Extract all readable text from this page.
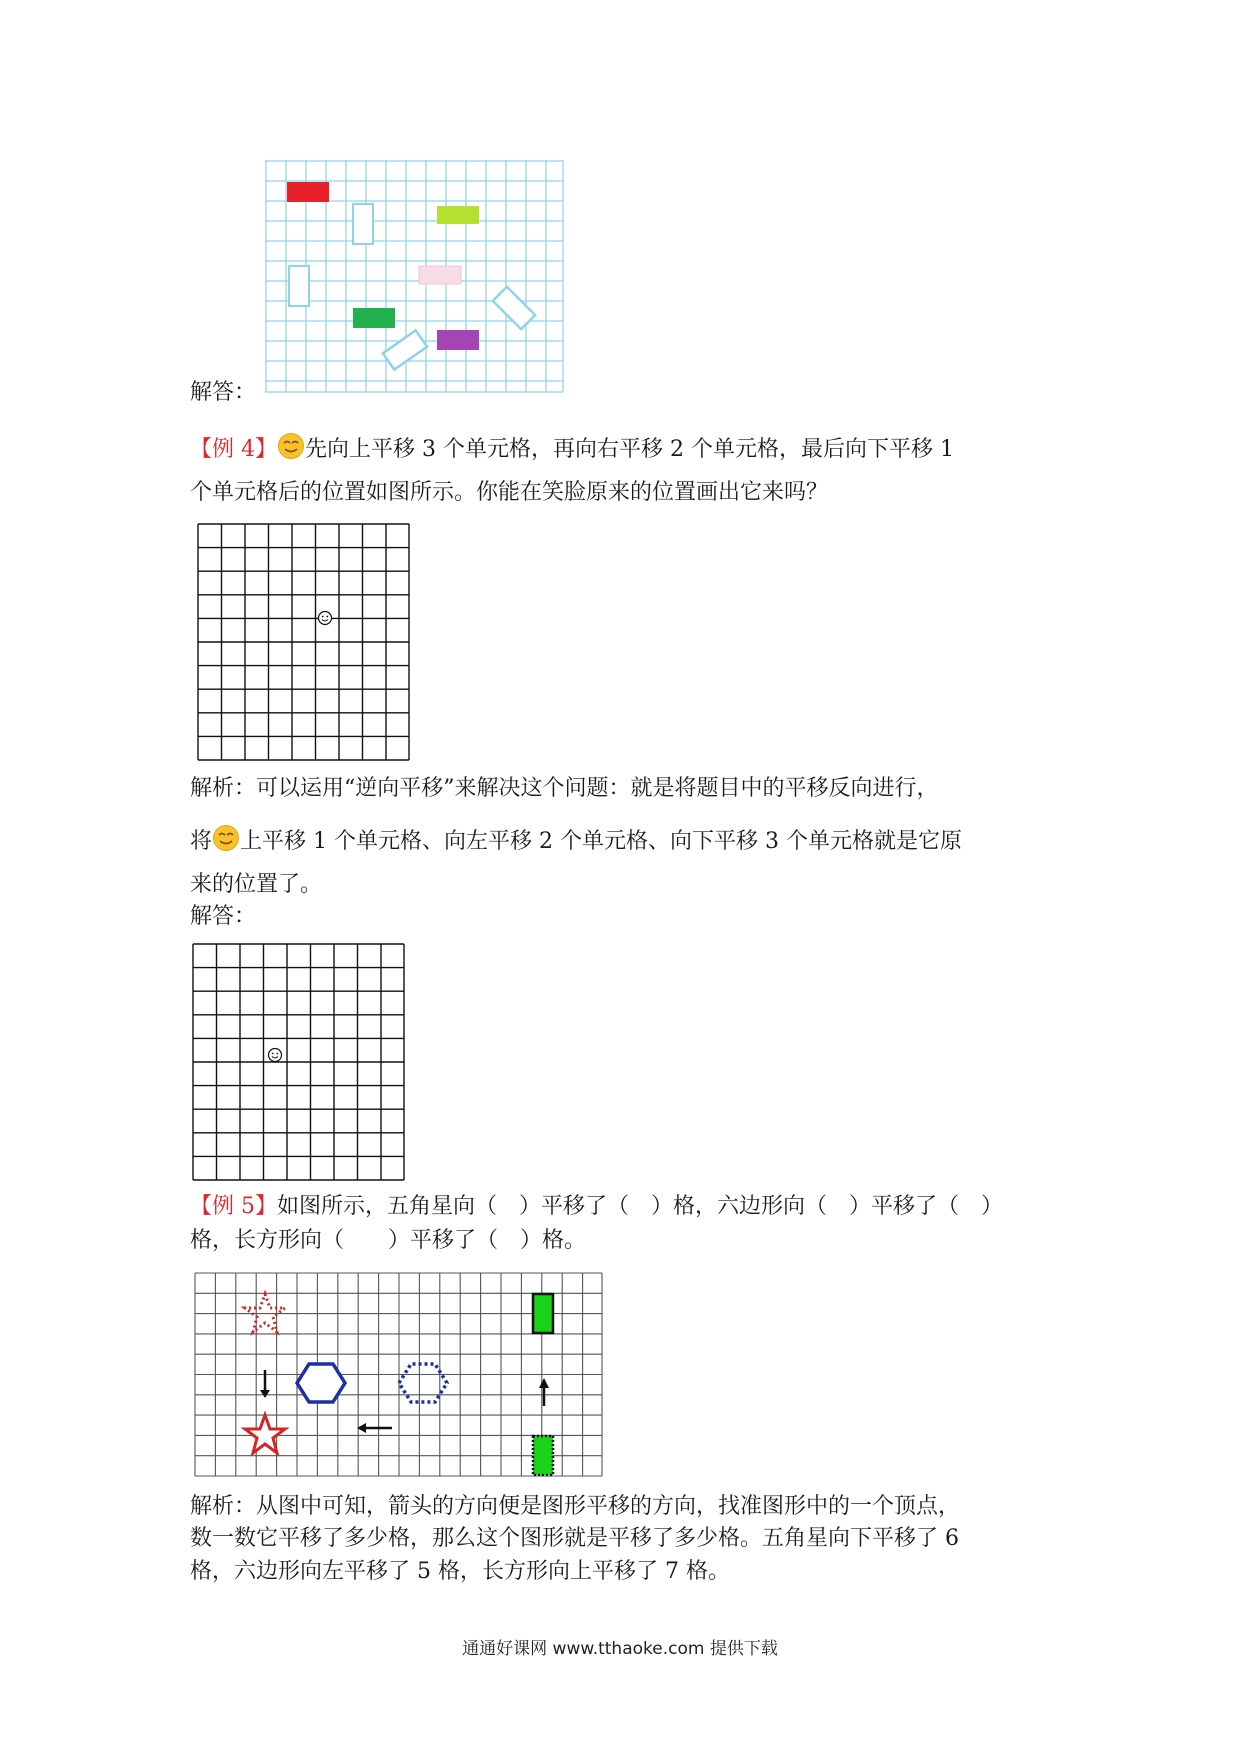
解答：
【例 4】 先向上平移 3 个单元格，再向右平移 2 个单元格，最后向下平移 1
个单元格后的位置如图所示。你能在笑脸原来的位置画出它来吗？
解析：可以运用“逆向平移”来解决这个问题：就是将题目中的平移反向进行，
将 上平移 1 个单元格、向左平移 2 个单元格、向下平移 3 个单元格就是它原
来的位置了。
解答：
【例 5】如图所示，五角星向（　）平移了（　）格，六边形向（　）平移了（　）
格，长方形向（　　）平移了（　）格。
解析：从图中可知，箭头的方向便是图形平移的方向，找准图形中的一个顶点，
数一数它平移了多少格，那么这个图形就是平移了多少格。五角星向下平移了 6
格，六边形向左平移了 5 格，长方形向上平移了 7 格。
通通好课网 www.tthaoke.com 提供下载
